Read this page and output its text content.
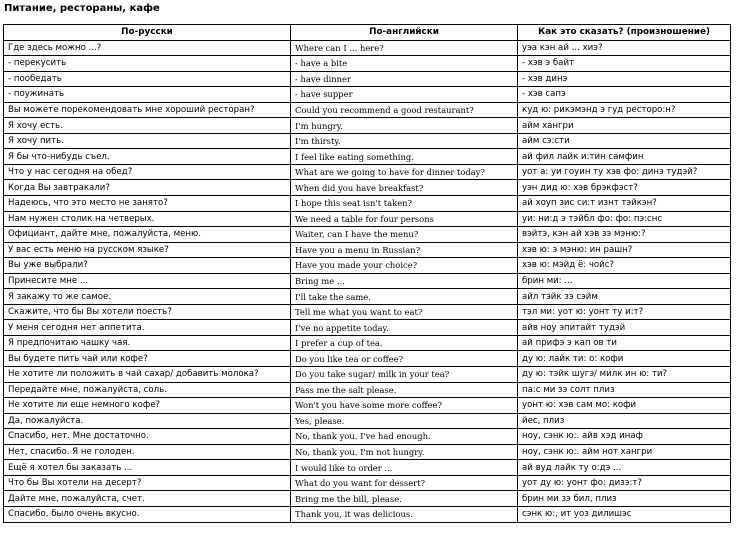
Питание, рестораны, кафе
По-русски	По-английски	Как это сказать? (произношение)
Где здесь можно ...?	Where can I ... here?	уэа кэн ай ... хиэ?
- перекусить	- have a bite	- хэв э байт
- пообедать	- have dinner	- хэв динэ
- поужинать	- have supper	- хэв сапэ
Вы можете порекомендовать мне хороший ресторан?	Could you recommend a good restaurant?	куд ю: рикэмэнд э гуд ресторо:н?
Я хочу есть.	I'm hungry.	айм хангри
Я хочу пить.	I'm thirsty.	айм сэ:сти
Я бы что-нибудь съел.	I feel like eating something.	ай фил лайк и:тин самфин
Что у нас сегодня на обед?	What are we going to have for dinner today?	уот а: уи гоуин ту хэв фо: динэ тудэй?
Когда Вы завтракали?	When did you have breakfast?	уэн дид ю: хэв брэкфэст?
Надеюсь, что это место не занято?	I hope this seat isn't taken?	ай хоуп зис си:т изнт тэйкэн?
Нам нужен столик на четверых.	We need a table for four persons	уи: ни:д э тэйбл фо: фо: пэ:снс
Официант, дайте мне, пожалуйста, меню.	Waiter, can I have the menu?	вэйтэ, кэн ай хэв зэ мэню:?
У вас есть меню на русском языке?	Have you a menu in Russian?	хэв ю: э мэню: ин рашн?
Вы уже выбрали?	Have you made your choice?	хэв ю: мэйд ё: чойс?
Принесите мне ...	Bring me ...	брин ми: ...
Я закажу то же самое.	I'll take the same.	айл тэйк зэ сэйм
Скажите, что бы Вы хотели поесть?	Tell me what you want to eat?	тэл ми: уот ю: уонт ту и:т?
У меня сегодня нет аппетита.	I've no appetite today.	айв ноу эпитайт тудэй
Я предпочитаю чашку чая.	I prefer a cup of tea.	ай прифэ э кап ов ти
Вы будете пить чай или кофе?	Do you like tea or coffee?	ду ю: лайк ти: о: кофи
Не хотите ли положить в чай сахар/ добавить молока?	Do you take sugar/ milk in your tea?	ду ю: тэйк шугэ/ милк ин ю: ти?
Передайте мне, пожалуйста, соль.	Pass me the salt please.	па:с ми зэ солт плиз
Не хотите ли еще немного кофе?	Won't you have some more coffee?	уонт ю: хэв сам мо: кофи
Да, пожалуйста.	Yes, please.	йес, плиз
Спасибо, нет. Мне достаточно.	No, thank you. I've had enough.	ноу, сэнк ю:. айв хэд инаф
Нет, спасибо. Я не голоден.	No, thank you. I'm not hungry.	ноу, сэнк ю:. айм нот хангри
Ещё я хотел бы заказать ...	I would like to order ...	ай вуд лайк ту о:дэ ...
Что бы Вы хотели на десерт?	What do you want for dessert?	уот ду ю: уонт фо: дизэ:т?
Дайте мне, пожалуйста, счет.	Bring me the bill, please.	брин ми зэ бил, плиз
Спасибо, было очень вкусно.	Thank you, it was delicious.	сэнк ю:, ит уоз дилишэс
